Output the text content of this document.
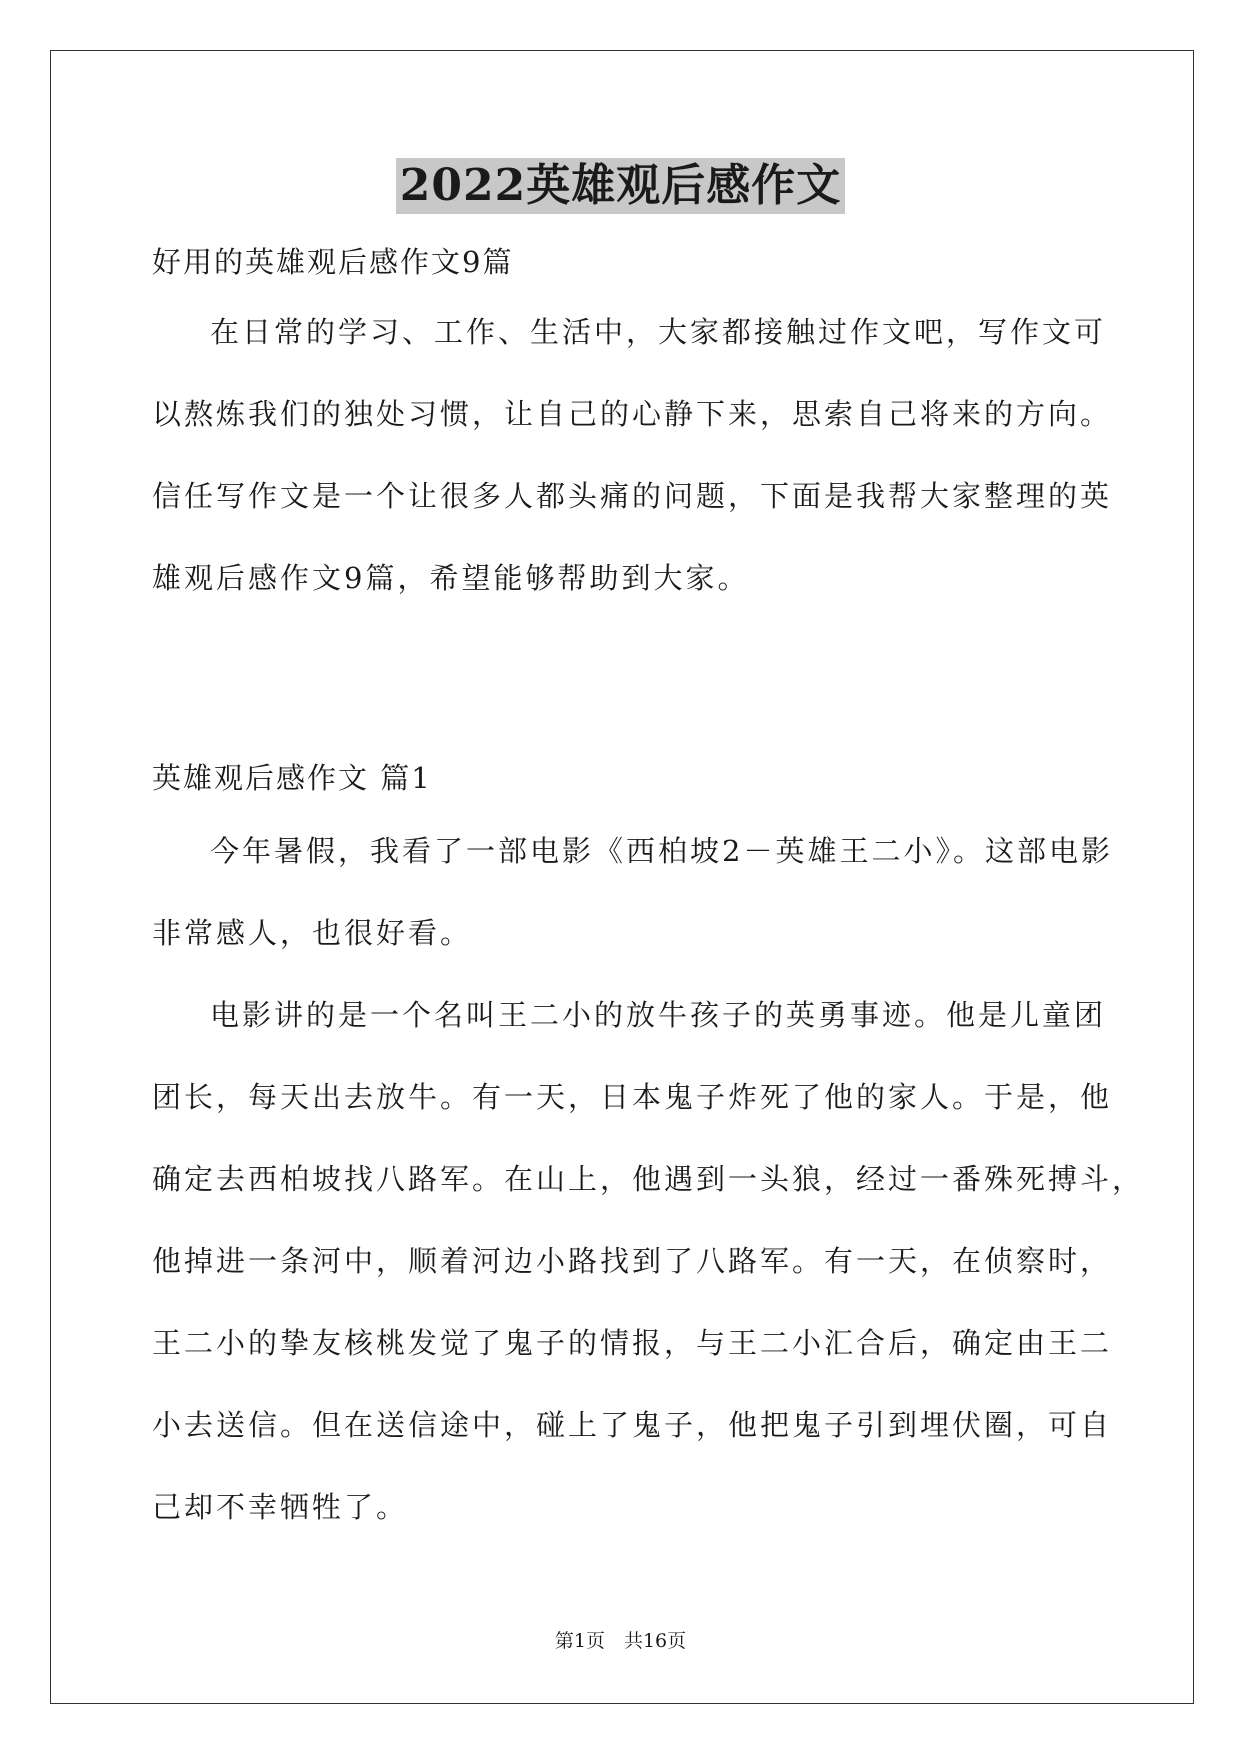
2022英雄观后感作文
好用的英雄观后感作文9篇
在日常的学习、工作、生活中，大家都接触过作文吧，写作文可
以熬炼我们的独处习惯，让自己的心静下来，思索自己将来的方向。
信任写作文是一个让很多人都头痛的问题，下面是我帮大家整理的英
雄观后感作文9篇，希望能够帮助到大家。
英雄观后感作文 篇1
今年暑假，我看了一部电影《西柏坡2－英雄王二小》。这部电影
非常感人，也很好看。
电影讲的是一个名叫王二小的放牛孩子的英勇事迹。他是儿童团
团长，每天出去放牛。有一天，日本鬼子炸死了他的家人。于是，他
确定去西柏坡找八路军。在山上，他遇到一头狼，经过一番殊死搏斗，
他掉进一条河中，顺着河边小路找到了八路军。有一天，在侦察时，
王二小的挚友核桃发觉了鬼子的情报，与王二小汇合后，确定由王二
小去送信。但在送信途中，碰上了鬼子，他把鬼子引到埋伏圈，可自
己却不幸牺牲了。
第1页　共16页
